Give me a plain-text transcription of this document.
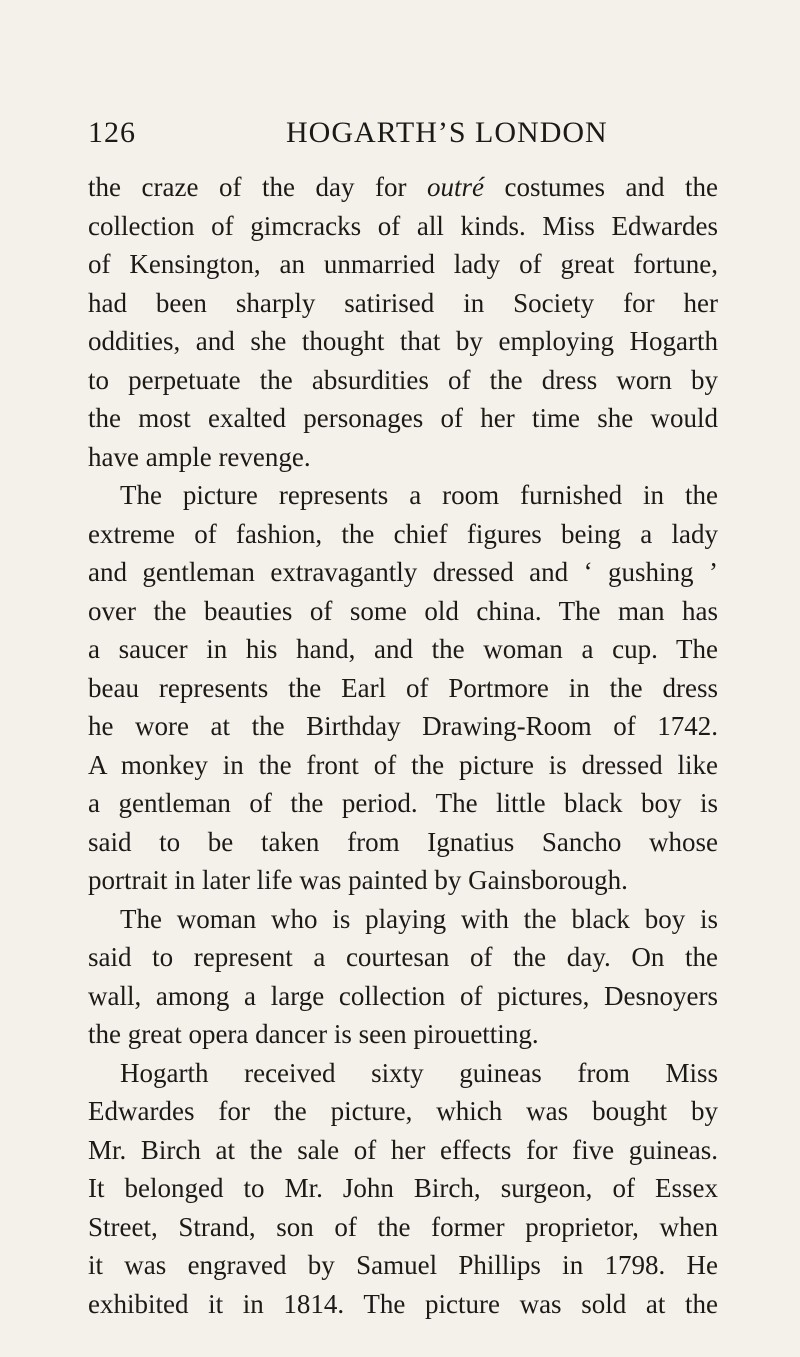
126	HOGARTH’S LONDON
the craze of the day for outré costumes and the
collection of gimcracks of all kinds. Miss Edwardes
of Kensington, an unmarried lady of great fortune,
had been sharply satirised in Society for her
oddities, and she thought that by employing Hogarth
to perpetuate the absurdities of the dress worn by
the most exalted personages of her time she would
have ample revenge.
The picture represents a room furnished in the
extreme of fashion, the chief figures being a lady
and gentleman extravagantly dressed and ‘ gushing ’
over the beauties of some old china. The man has
a saucer in his hand, and the woman a cup. The
beau represents the Earl of Portmore in the dress
he wore at the Birthday Drawing-Room of 1742.
A monkey in the front of the picture is dressed like
a gentleman of the period. The little black boy is
said to be taken from Ignatius Sancho whose
portrait in later life was painted by Gainsborough.
The woman who is playing with the black boy is
said to represent a courtesan of the day. On the
wall, among a large collection of pictures, Desnoyers
the great opera dancer is seen pirouetting.
Hogarth received sixty guineas from Miss
Edwardes for the picture, which was bought by
Mr. Birch at the sale of her effects for five guineas.
It belonged to Mr. John Birch, surgeon, of Essex
Street, Strand, son of the former proprietor, when
it was engraved by Samuel Phillips in 1798. He
exhibited it in 1814. The picture was sold at the
